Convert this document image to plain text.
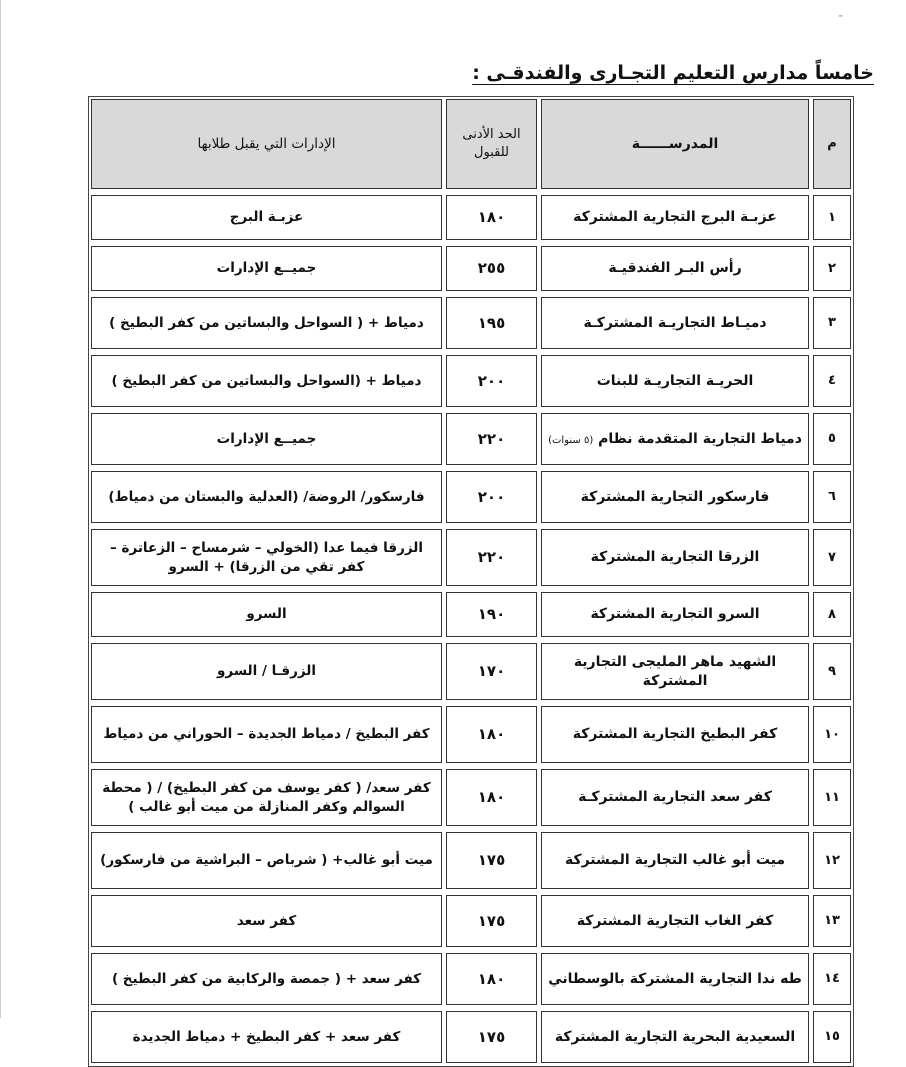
-
خامساً مدارس التعليم التجـارى والفندقـى :
م	المدرســــــة	الحد الأدنى للقبول	الإدارات التي يقبل طلابها

١	عزبـة البرج التجارية المشتركة	١٨٠	عزبـة البرج

٢	رأس البـر الفندقيـة	٢٥٥	جميــع الإدارات

٣	دميـاط التجاريـة المشتركـة	١٩٥	دمياط + ( السواحل والبساتين من كفر البطيخ )

٤	الحريـة التجاريـة للبنات	٢٠٠	دمياط + (السواحل والبساتين من كفر البطيخ )

٥	دمياط التجارية المتقدمة نظام (٥ سنوات)	٢٢٠	جميــع الإدارات

٦	فارسكور التجارية المشتركة	٢٠٠	فارسكور/ الروضة/ (العدلية والبستان من دمياط)

٧	الزرقا التجارية المشتركة	٢٢٠	الزرقا فيما عدا (الخولي – شرمساح – الزعاترة – كفر تقي من الزرقا) + السرو

٨	السرو التجارية المشتركة	١٩٠	السرو

٩	الشهيد ماهر المليجى التجارية المشتركة	١٧٠	الزرقـا / السرو

١٠	كفر البطيخ التجارية المشتركة	١٨٠	كفر البطيخ / دمياط الجديدة – الحوراني من دمياط

١١	كفر سعد التجارية المشتركـة	١٨٠	كفر سعد/ ( كفر يوسف من كفر البطيخ) / ( محطة السوالم وكفر المنازلة من ميت أبو غالب )

١٢	ميت أبو غالب التجارية المشتركة	١٧٥	ميت أبو غالب+ ( شرباص – البراشية من فارسكور)

١٣	كفر الغاب التجارية المشتركة	١٧٥	كفر سعد

١٤	طه ندا التجارية المشتركة بالوسطاني	١٨٠	كفر سعد + ( جمصة والركابية من كفر البطيخ )

١٥	السعيدية البحرية التجارية المشتركة	١٧٥	كفر سعد + كفر البطيخ + دمياط الجديدة
